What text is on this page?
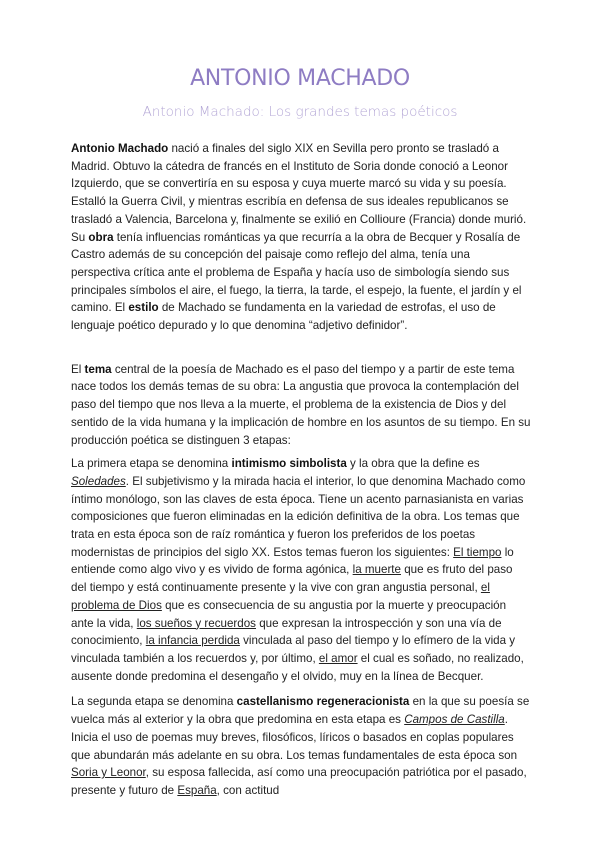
ANTONIO MACHADO
Antonio Machado: Los grandes temas poéticos

Antonio Machado nació a finales del siglo XIX en Sevilla pero pronto se trasladó a Madrid. Obtuvo la cátedra de francés en el Instituto de Soria donde conoció a Leonor Izquierdo, que se convertiría en su esposa y cuya muerte marcó su vida y su poesía. Estalló la Guerra Civil, y mientras escribía en defensa de sus ideales republicanos se trasladó a Valencia, Barcelona y, finalmente se exilió en Collioure (Francia) donde murió. Su obra tenía influencias románticas ya que recurría a la obra de Becquer y Rosalía de Castro además de su concepción del paisaje como reflejo del alma, tenía una perspectiva crítica ante el problema de España y hacía uso de simbología siendo sus principales símbolos el aire, el fuego, la tierra, la tarde, el espejo, la fuente, el jardín y el camino. El estilo de Machado se fundamenta en la variedad de estrofas, el uso de lenguaje poético depurado y lo que denomina “adjetivo definidor”.

El tema central de la poesía de Machado es el paso del tiempo y a partir de este tema nace todos los demás temas de su obra: La angustia que provoca la contemplación del paso del tiempo que nos lleva a la muerte, el problema de la existencia de Dios y del sentido de la vida humana y la implicación de hombre en los asuntos de su tiempo. En su producción poética se distinguen 3 etapas:

La primera etapa se denomina intimismo simbolista y la obra que la define es Soledades. El subjetivismo y la mirada hacia el interior, lo que denomina Machado como íntimo monólogo, son las claves de esta época. Tiene un acento parnasianista en varias composiciones que fueron eliminadas en la edición definitiva de la obra. Los temas que trata en esta época son de raíz romántica y fueron los preferidos de los poetas modernistas de principios del siglo XX. Estos temas fueron los siguientes: El tiempo lo entiende como algo vivo y es vivido de forma agónica, la muerte que es fruto del paso del tiempo y está continuamente presente y la vive con gran angustia personal, el problema de Dios que es consecuencia de su angustia por la muerte y preocupación ante la vida, los sueños y recuerdos que expresan la introspección y son una vía de conocimiento, la infancia perdida vinculada al paso del tiempo y lo efímero de la vida y vinculada también a los recuerdos y, por último, el amor el cual es soñado, no realizado, ausente donde predomina el desengaño y el olvido, muy en la línea de Becquer.

La segunda etapa se denomina castellanismo regeneracionista en la que su poesía se vuelca más al exterior y la obra que predomina en esta etapa es Campos de Castilla. Inicia el uso de poemas muy breves, filosóficos, líricos o basados en coplas populares que abundarán más adelante en su obra. Los temas fundamentales de esta época son Soria y Leonor, su esposa fallecida, así como una preocupación patriótica por el pasado, presente y futuro de España, con actitud
